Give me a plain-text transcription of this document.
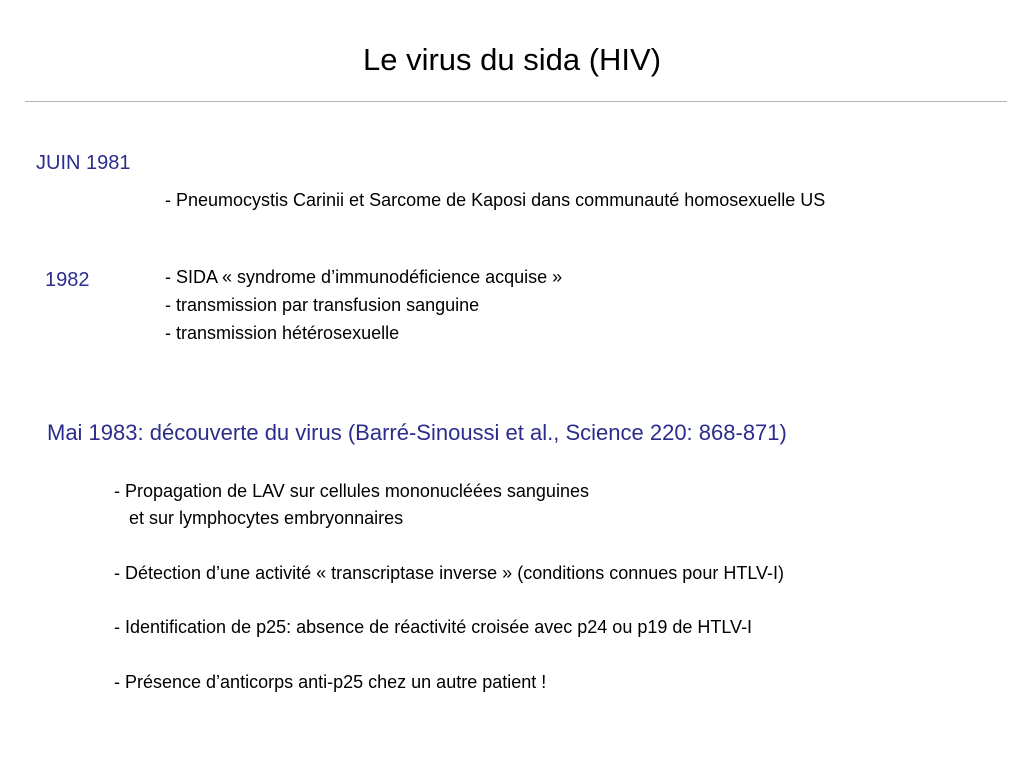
Le virus du sida (HIV)
JUIN 1981
- Pneumocystis Carinii et Sarcome de Kaposi dans communauté homosexuelle US
1982	- SIDA « syndrome d’immunodéficience acquise »
- transmission par transfusion sanguine
- transmission hétérosexuelle
Mai 1983: découverte du virus (Barré-Sinoussi et al., Science 220: 868-871)
- Propagation de LAV sur cellules mononucléées sanguines
et sur lymphocytes embryonnaires
- Détection d’une activité « transcriptase inverse » (conditions connues pour HTLV-I)
- Identification de p25: absence de réactivité croisée avec p24 ou p19 de HTLV-I
- Présence d’anticorps anti-p25 chez un autre patient !
